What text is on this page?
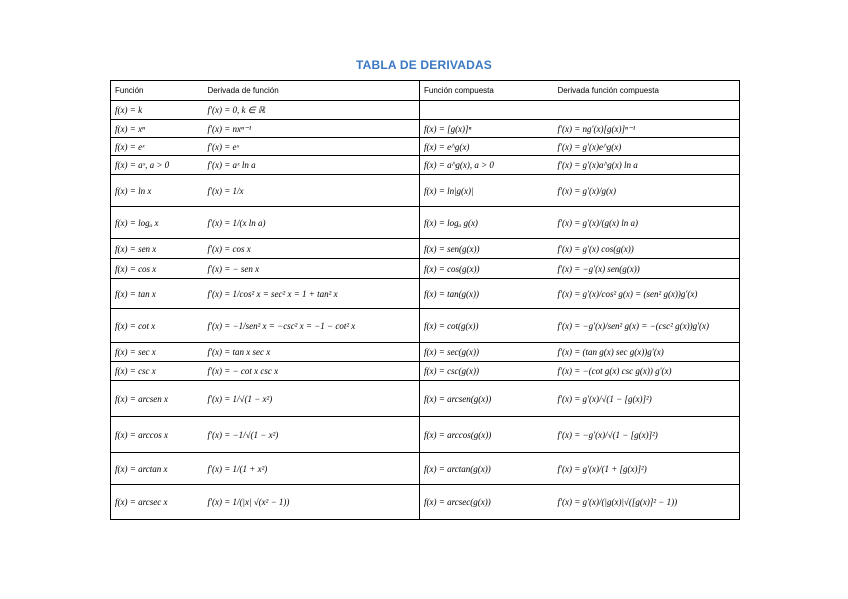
TABLA DE DERIVADAS
Función	Derivada de función	Función compuesta	Derivada función compuesta
f(x) = k	f′(x) = 0, k ∈ ℝ		
f(x) = xⁿ	f′(x) = nxⁿ⁻¹	f(x) = [g(x)]ⁿ	f′(x) = ng′(x)[g(x)]ⁿ⁻¹
f(x) = eˣ	f′(x) = eˣ	f(x) = e^g(x)	f′(x) = g′(x)e^g(x)
f(x) = aˣ, a > 0	f′(x) = aˣ ln a	f(x) = a^g(x), a > 0	f′(x) = g′(x)a^g(x) ln a
f(x) = ln x	f′(x) = 1/x	f(x) = ln|g(x)|	f′(x) = g′(x)/g(x)
f(x) = logₐ x	f′(x) = 1/(x ln a)	f(x) = logₐ g(x)	f′(x) = g′(x)/(g(x) ln a)
f(x) = sen x	f′(x) = cos x	f(x) = sen(g(x))	f′(x) = g′(x) cos(g(x))
f(x) = cos x	f′(x) = − sen x	f(x) = cos(g(x))	f′(x) = −g′(x) sen(g(x))
f(x) = tan x	f′(x) = 1/cos² x = sec² x = 1 + tan² x	f(x) = tan(g(x))	f′(x) = g′(x)/cos² g(x) = (sen² g(x))g′(x)
f(x) = cot x	f′(x) = −1/sen² x = −csc² x = −1 − cot² x	f(x) = cot(g(x))	f′(x) = −g′(x)/sen² g(x) = −(csc² g(x))g′(x)
f(x) = sec x	f′(x) = tan x sec x	f(x) = sec(g(x))	f′(x) = (tan g(x) sec g(x))g′(x)
f(x) = csc x	f′(x) = − cot x csc x	f(x) = csc(g(x))	f′(x) = −(cot g(x) csc g(x)) g′(x)
f(x) = arcsen x	f′(x) = 1/√(1 − x²)	f(x) = arcsen(g(x))	f′(x) = g′(x)/√(1 − [g(x)]²)
f(x) = arccos x	f′(x) = −1/√(1 − x²)	f(x) = arccos(g(x))	f′(x) = −g′(x)/√(1 − [g(x)]²)
f(x) = arctan x	f′(x) = 1/(1 + x²)	f(x) = arctan(g(x))	f′(x) = g′(x)/(1 + [g(x)]²)
f(x) = arcsec x	f′(x) = 1/(|x| √(x² − 1))	f(x) = arcsec(g(x))	f′(x) = g′(x)/(|g(x)|√([g(x)]² − 1))
